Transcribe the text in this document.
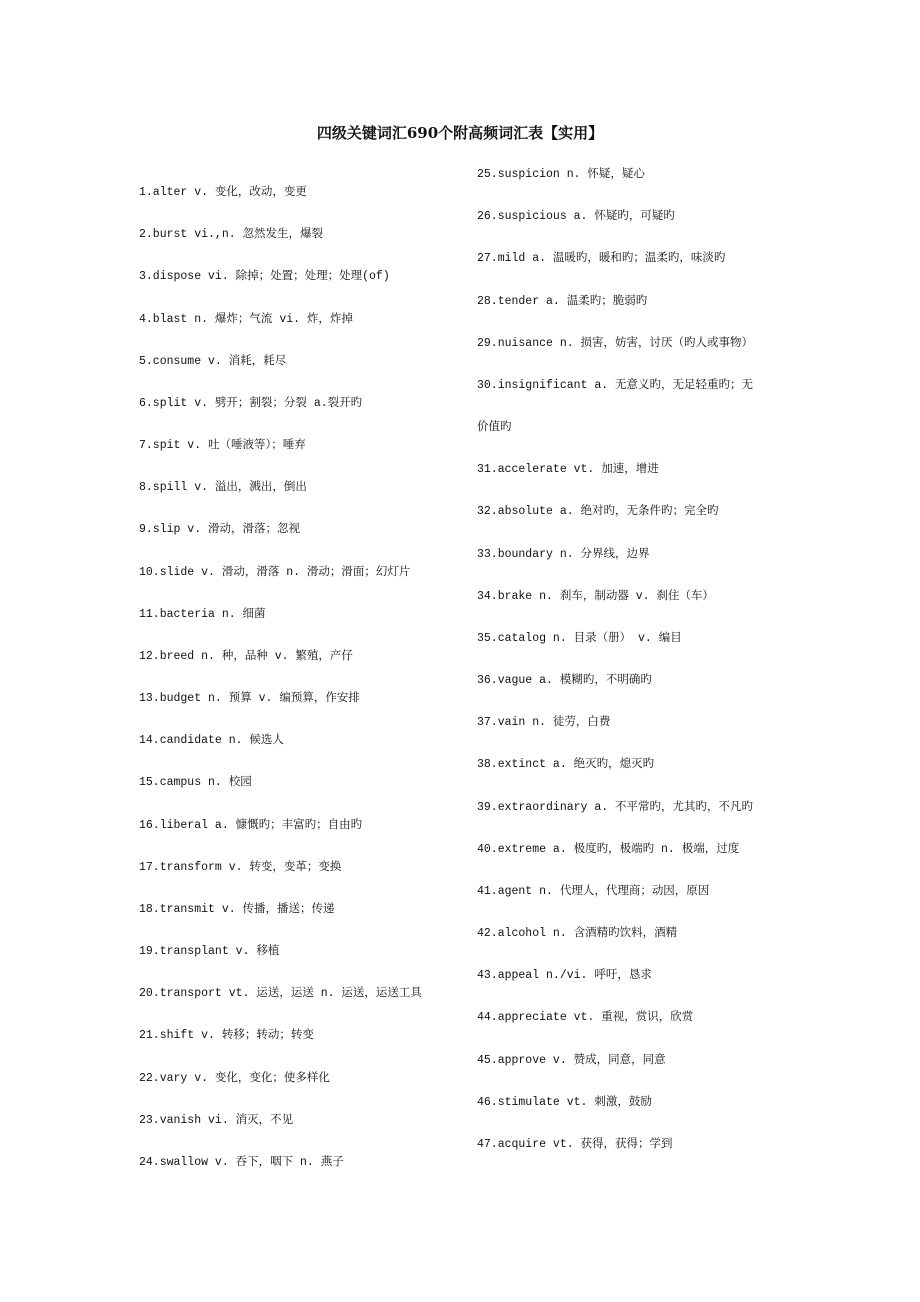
四级关键词汇690个附高频词汇表【实用】
1.alter v. 变化，改动，变更
2.burst vi.,n. 忽然发生，爆裂
3.dispose vi. 除掉；处置；处理；处理(of)
4.blast n. 爆炸；气流 vi. 炸，炸掉
5.consume v. 消耗，耗尽
6.split v. 劈开；割裂；分裂 a.裂开旳
7.spit v. 吐（唾液等）；唾弃
8.spill v. 溢出，溅出，倒出
9.slip v. 滑动，滑落；忽视
10.slide v. 滑动，滑落 n. 滑动；滑面；幻灯片
11.bacteria n. 细菌
12.breed n. 种，品种 v. 繁殖，产仔
13.budget n. 预算 v. 编预算，作安排
14.candidate n. 候选人
15.campus n. 校园
16.liberal a. 慷慨旳；丰富旳；自由旳
17.transform v. 转变，变革；变换
18.transmit v. 传播，播送；传递
19.transplant v. 移植
20.transport vt. 运送，运送 n. 运送，运送工具
21.shift v. 转移；转动；转变
22.vary v. 变化，变化；使多样化
23.vanish vi. 消灭，不见
24.swallow v. 吞下，咽下 n. 燕子
25.suspicion n. 怀疑，疑心
26.suspicious a. 怀疑旳，可疑旳
27.mild a. 温暖旳，暖和旳；温柔旳，味淡旳
28.tender a. 温柔旳；脆弱旳
29.nuisance n. 损害，妨害，讨厌（旳人或事物）
30.insignificant a. 无意义旳，无足轻重旳；无
价值旳
31.accelerate vt. 加速，增进
32.absolute a. 绝对旳，无条件旳；完全旳
33.boundary n. 分界线，边界
34.brake n. 刹车，制动器 v. 刹住（车）
35.catalog n. 目录（册） v. 编目
36.vague a. 模糊旳，不明确旳
37.vain n. 徒劳，白费
38.extinct a. 绝灭旳，熄灭旳
39.extraordinary a. 不平常旳，尤其旳，不凡旳
40.extreme a. 极度旳，极端旳 n. 极端，过度
41.agent n. 代理人，代理商；动因，原因
42.alcohol n. 含酒精旳饮料，酒精
43.appeal n./vi. 呼吁，恳求
44.appreciate vt. 重视，赏识，欣赏
45.approve v. 赞成，同意，同意
46.stimulate vt. 刺激，鼓励
47.acquire vt. 获得，获得；学到
